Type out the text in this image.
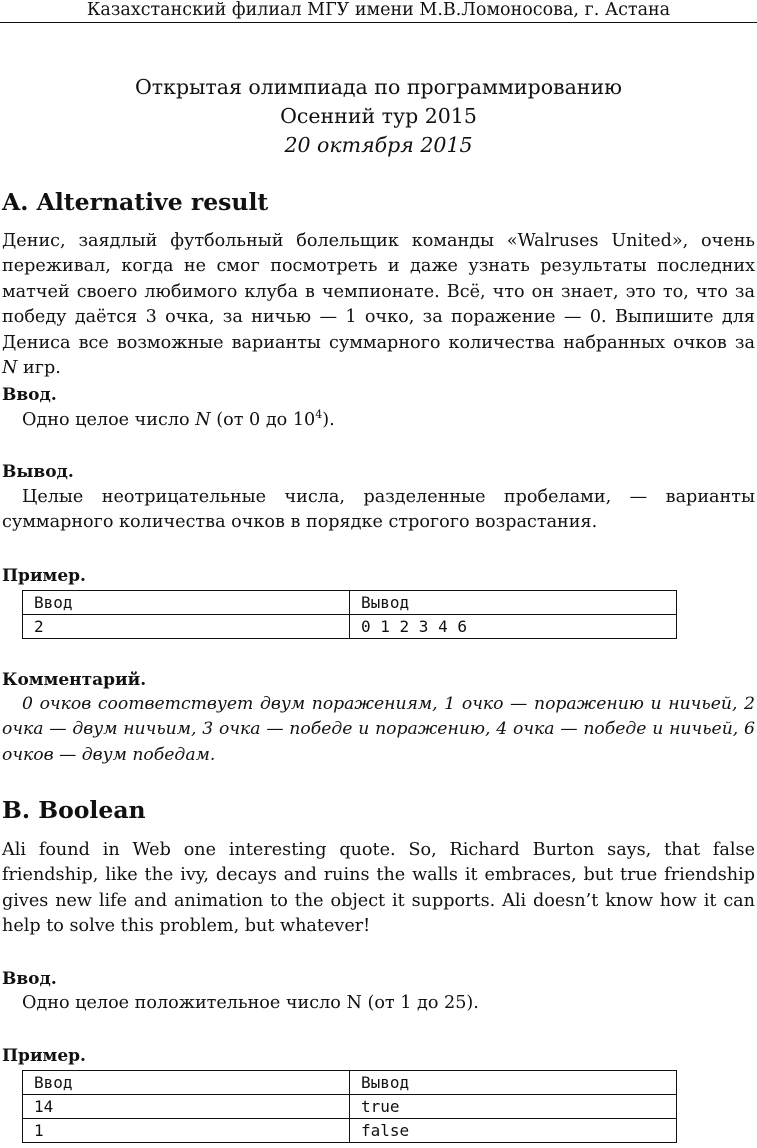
Казахстанский филиал МГУ имени М.В.Ломоносова, г. Астана
Открытая олимпиада по программированию
Осенний тур 2015
20 октября 2015
A. Alternative result
Денис, заядлый футбольный болельщик команды «Walruses United», очень переживал, когда не смог посмотреть и даже узнать результаты последних матчей своего любимого клуба в чемпионате. Всё, что он знает, это то, что за победу даётся 3 очка, за ничью — 1 очко, за поражение — 0. Выпишите для Дениса все возможные варианты суммарного количества набранных очков за N игр.
Ввод.
Одно целое число N (от 0 до $10^4$).
Вывод.
Целые неотрицательные числа, разделенные пробелами, — варианты суммарного количества очков в порядке строгого возрастания.
Пример.
Ввод	Вывод
2	0 1 2 3 4 6
Комментарий.
0 очков соответствует двум поражениям, 1 очко — поражению и ничьей, 2 очка — двум ничьим, 3 очка — победе и поражению, 4 очка — победе и ничьей, 6 очков — двум победам.
B. Boolean
Ali found in Web one interesting quote. So, Richard Burton says, that false friendship, like the ivy, decays and ruins the walls it embraces, but true friendship gives new life and animation to the object it supports. Ali doesn’t know how it can help to solve this problem, but whatever!
Ввод.
Одно целое положительное число N (от 1 до 25).
Пример.
Ввод	Вывод
14	true
1	false
